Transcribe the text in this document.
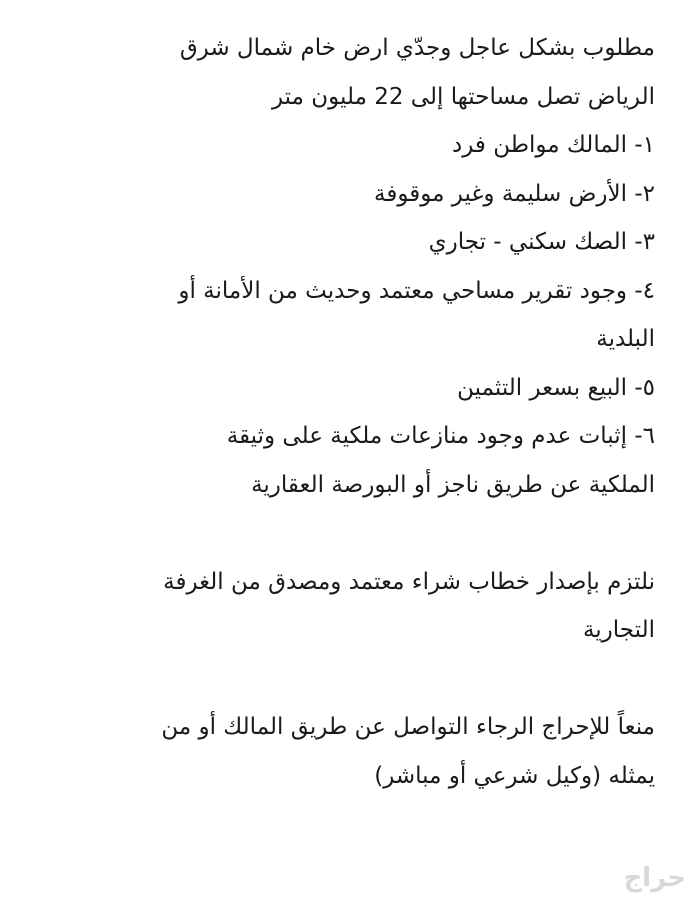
مطلوب بشكل عاجل وجدّي ارض خام شمال شرق
الرياض تصل مساحتها إلى 22 مليون متر
١- المالك مواطن فرد
٢- الأرض سليمة وغير موقوفة
٣- الصك سكني - تجاري
٤- وجود تقرير مساحي معتمد وحديث من الأمانة أو
البلدية
٥- البيع بسعر التثمين
٦- إثبات عدم وجود منازعات ملكية على وثيقة
الملكية عن طريق ناجز أو البورصة العقارية
نلتزم بإصدار خطاب شراء معتمد ومصدق من الغرفة
التجارية
منعاً للإحراج الرجاء التواصل عن طريق المالك أو من
يمثله (وكيل شرعي أو مباشر)
حراج
